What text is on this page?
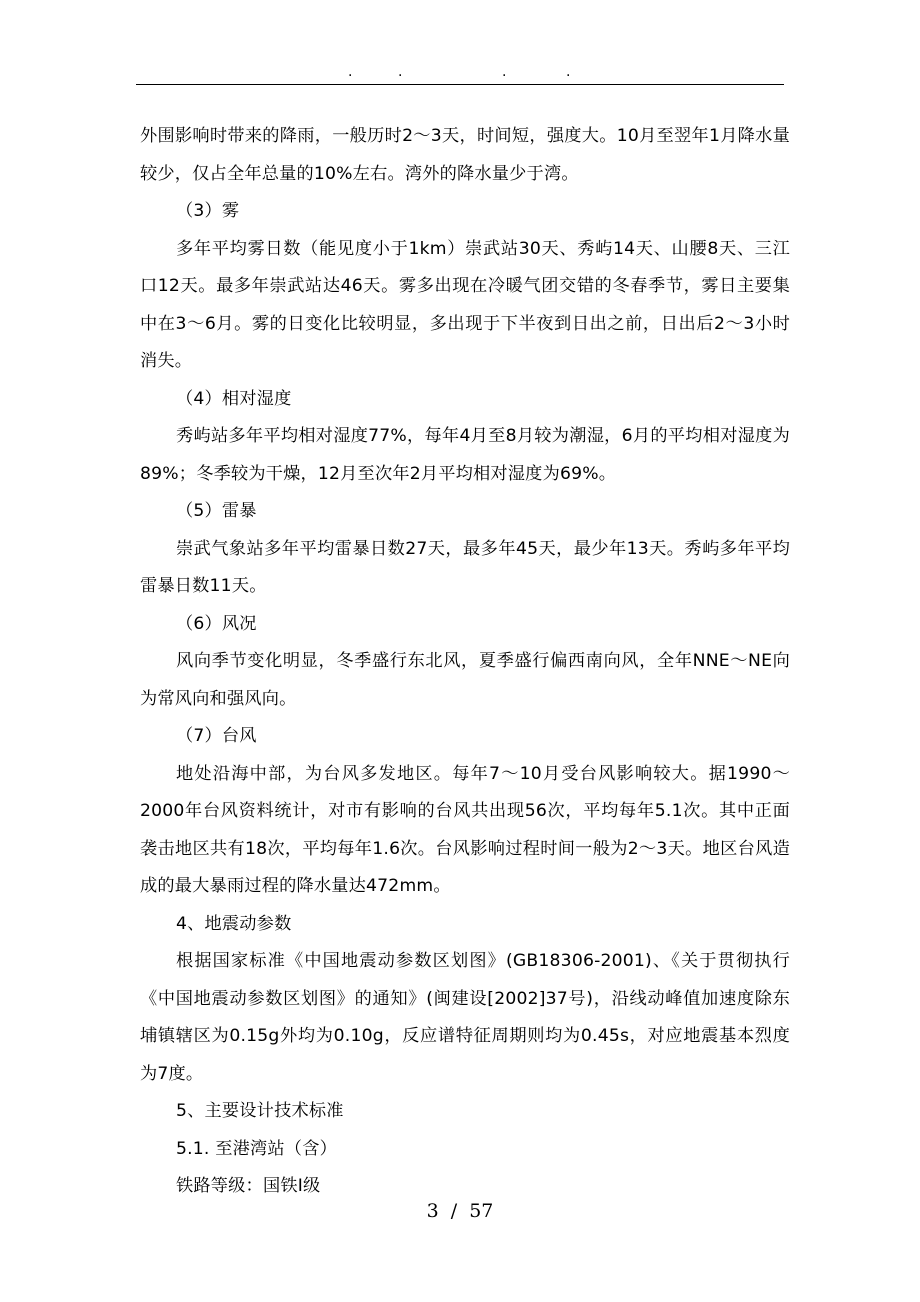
.	.	.	.

外围影响时带来的降雨，一般历时2～3天，时间短，强度大。10月至翌年1月降水量较少，仅占全年总量的10%左右。湾外的降水量少于湾。

（3）雾

多年平均雾日数（能见度小于1km）崇武站30天、秀屿14天、山腰8天、三江口12天。最多年崇武站达46天。雾多出现在冷暖气团交错的冬春季节，雾日主要集中在3～6月。雾的日变化比较明显，多出现于下半夜到日出之前，日出后2～3小时消失。

（4）相对湿度

秀屿站多年平均相对湿度77%，每年4月至8月较为潮湿，6月的平均相对湿度为89%；冬季较为干燥，12月至次年2月平均相对湿度为69%。

（5）雷暴

崇武气象站多年平均雷暴日数27天，最多年45天，最少年13天。秀屿多年平均雷暴日数11天。

（6）风况

风向季节变化明显，冬季盛行东北风，夏季盛行偏西南向风，全年NNE～NE向为常风向和强风向。

（7）台风

地处沿海中部，为台风多发地区。每年7～10月受台风影响较大。据1990～2000年台风资料统计，对市有影响的台风共出现56次，平均每年5.1次。其中正面袭击地区共有18次，平均每年1.6次。台风影响过程时间一般为2～3天。地区台风造成的最大暴雨过程的降水量达472mm。

4、地震动参数

根据国家标准《中国地震动参数区划图》(GB18306-2001)、《关于贯彻执行《中国地震动参数区划图》的通知》(闽建设[2002]37号)，沿线动峰值加速度除东埔镇辖区为0.15g外均为0.10g，反应谱特征周期则均为0.45s，对应地震基本烈度为7度。

5、主要设计技术标准

5.1. 至港湾站（含）

铁路等级：国铁Ⅰ级

3 / 57
